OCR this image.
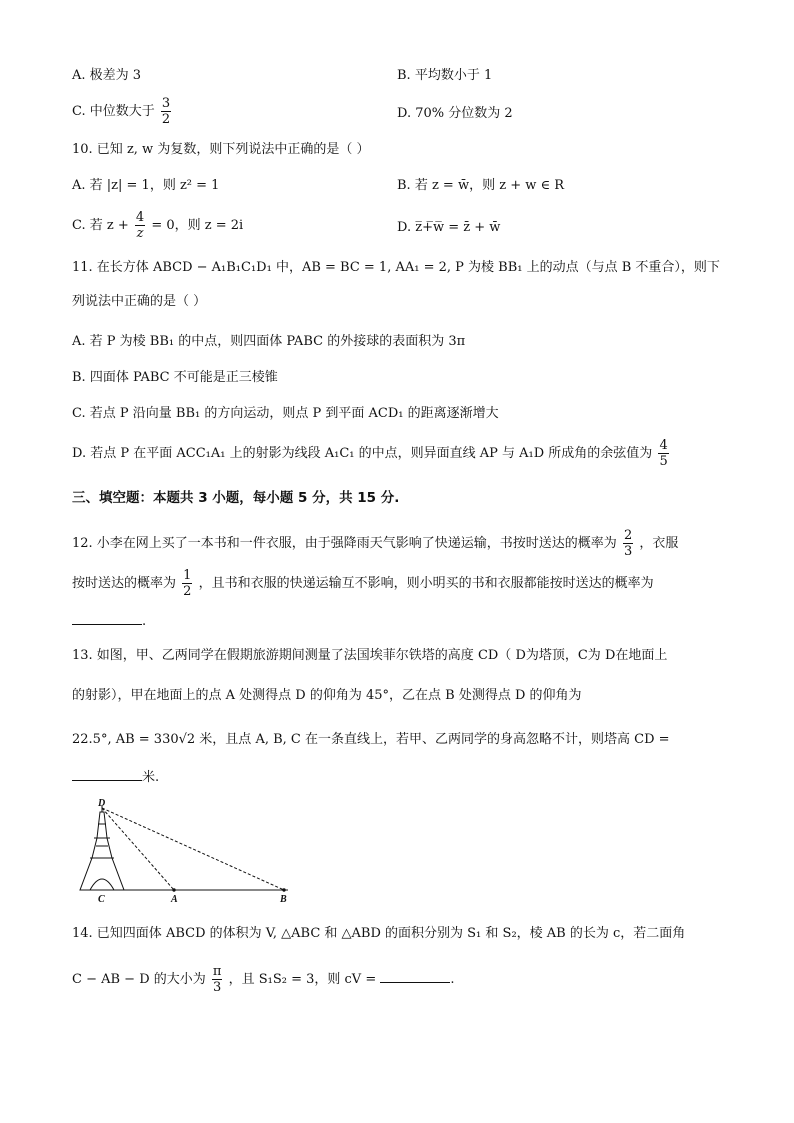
A. 极差为 3	B. 平均数小于 1
C. 中位数大于 $\frac{3}{2}$	D. 70% 分位数为 2
10. 已知 z, w 为复数，则下列说法中正确的是（ ）
A. 若 |z| = 1，则 z² = 1	B. 若 z = w̄，则 z + w ∈ R
C. 若 $z + \frac{4}{z} = 0$，则 z = 2i	D. z̅+̅w̅ = z̄ + w̄
11. 在长方体 ABCD − A₁B₁C₁D₁ 中，AB = BC = 1, AA₁ = 2, P 为棱 BB₁ 上的动点（与点 B 不重合），则下
列说法中正确的是（ ）
A. 若 P 为棱 BB₁ 的中点，则四面体 PABC 的外接球的表面积为 3π
B. 四面体 PABC 不可能是正三棱锥
C. 若点 P 沿向量 BB₁ 的方向运动，则点 P 到平面 ACD₁ 的距离逐渐增大
D. 若点 P 在平面 ACC₁A₁ 上的射影为线段 A₁C₁ 的中点，则异面直线 AP 与 A₁D 所成角的余弦值为 $\frac{4}{5}$
三、填空题：本题共 3 小题，每小题 5 分，共 15 分.
12. 小李在网上买了一本书和一件衣服，由于强降雨天气影响了快递运输，书按时送达的概率为 $\frac{2}{3}$ ，衣服
按时送达的概率为 $\frac{1}{2}$ ，且书和衣服的快递运输互不影响，则小明买的书和衣服都能按时送达的概率为
.
13. 如图，甲、乙两同学在假期旅游期间测量了法国埃菲尔铁塔的高度 CD（ D为塔顶，C为 D在地面上
的射影），甲在地面上的点 A 处测得点 D 的仰角为 45°，乙在点 B 处测得点 D 的仰角为
22.5°, AB = 330√2 米，且点 A, B, C 在一条直线上，若甲、乙两同学的身高忽略不计，则塔高 CD =
米.
D
C	A	B
14. 已知四面体 ABCD 的体积为 V, △ABC 和 △ABD 的面积分别为 S₁ 和 S₂，棱 AB 的长为 c，若二面角
C − AB − D 的大小为 $\frac{\pi}{3}$ ，且 S₁S₂ = 3，则 cV =	.
